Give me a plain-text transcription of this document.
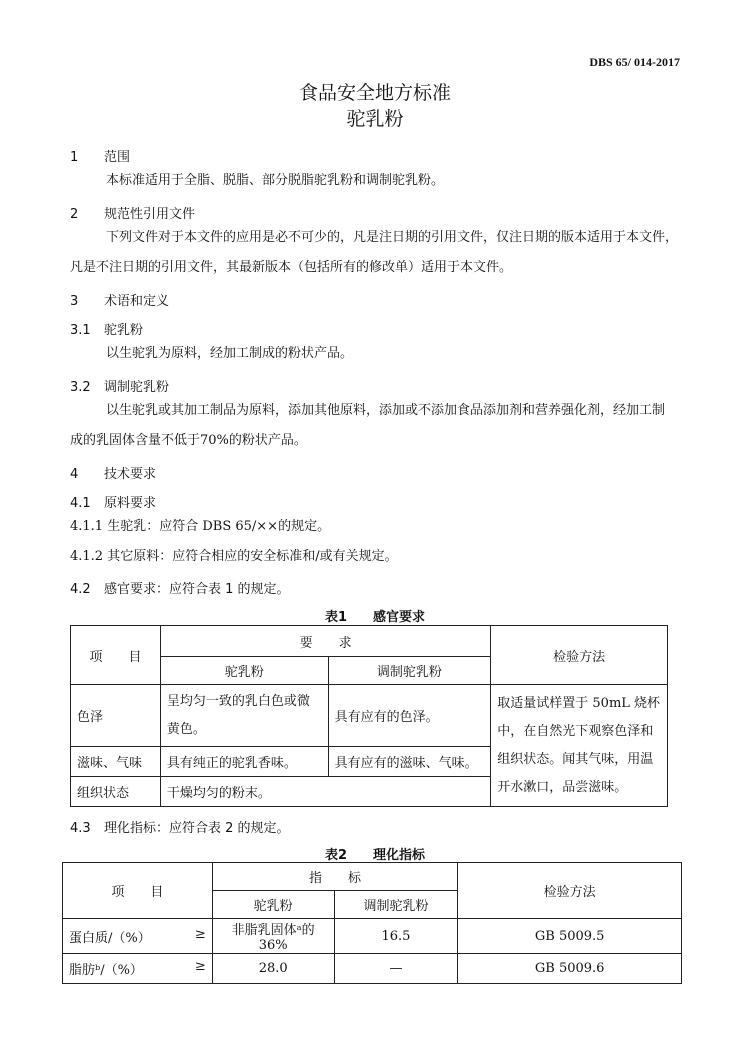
DBS 65/ 014-2017
食品安全地方标准
驼乳粉
1 范围
本标准适用于全脂、脱脂、部分脱脂驼乳粉和调制驼乳粉。
2 规范性引用文件
下列文件对于本文件的应用是必不可少的，凡是注日期的引用文件，仅注日期的版本适用于本文件，
凡是不注日期的引用文件，其最新版本（包括所有的修改单）适用于本文件。
3 术语和定义
3.1 驼乳粉
以生驼乳为原料，经加工制成的粉状产品。
3.2 调制驼乳粉
以生驼乳或其加工制品为原料，添加其他原料，添加或不添加食品添加剂和营养强化剂，经加工制
成的乳固体含量不低于70%的粉状产品。
4 技术要求
4.1 原料要求
4.1.1 生驼乳：应符合 DBS 65/××的规定。
4.1.2 其它原料：应符合相应的安全标准和/或有关规定。
4.2 感官要求：应符合表 1 的规定。
表1　　感官要求
项　　目	要　　求		检验方法
	驼乳粉	调制驼乳粉	
色泽	呈均匀一致的乳白色或微黄色。	具有应有的色泽。	取适量试样置于 50mL 烧杯中，在自然光下观察色泽和组织状态。闻其气味，用温开水漱口，品尝滋味。
滋味、气味	具有纯正的驼乳香味。	具有应有的滋味、气味。	
组织状态	干燥均匀的粉末。		
4.3 理化指标：应符合表 2 的规定。
表2　　理化指标
项　　目	指　　标		检验方法
	驼乳粉	调制驼乳粉	
蛋白质/（%） ≥	非脂乳固体ᵃ的36%	16.5	GB 5009.5
脂肪ᵇ/（%） ≥	28.0	—	GB 5009.6
